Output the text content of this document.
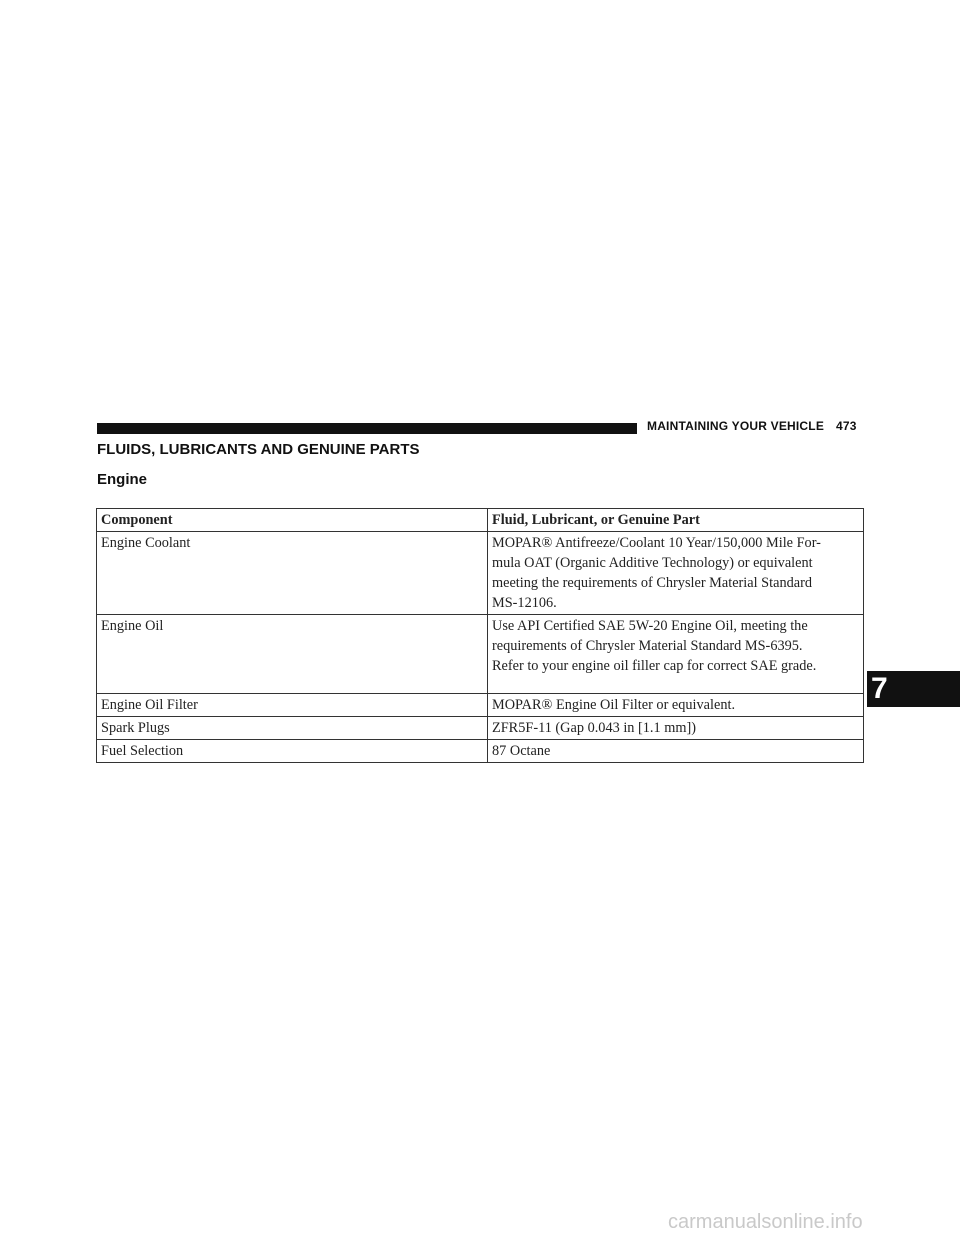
MAINTAINING YOUR VEHICLE 473
FLUIDS, LUBRICANTS AND GENUINE PARTS
Engine
Component	Fluid, Lubricant, or Genuine Part
Engine Coolant	MOPAR® Antifreeze/Coolant 10 Year/150,000 Mile For-
mula OAT (Organic Additive Technology) or equivalent
meeting the requirements of Chrysler Material Standard
MS-12106.

Engine Oil	Use API Certified SAE 5W-20 Engine Oil, meeting the
requirements of Chrysler Material Standard MS-6395.
Refer to your engine oil filler cap for correct SAE grade.

Engine Oil Filter	MOPAR® Engine Oil Filter or equivalent.

Spark Plugs	ZFR5F-11 (Gap 0.043 in [1.1 mm])

Fuel Selection	87 Octane
7
carmanualsonline.info
